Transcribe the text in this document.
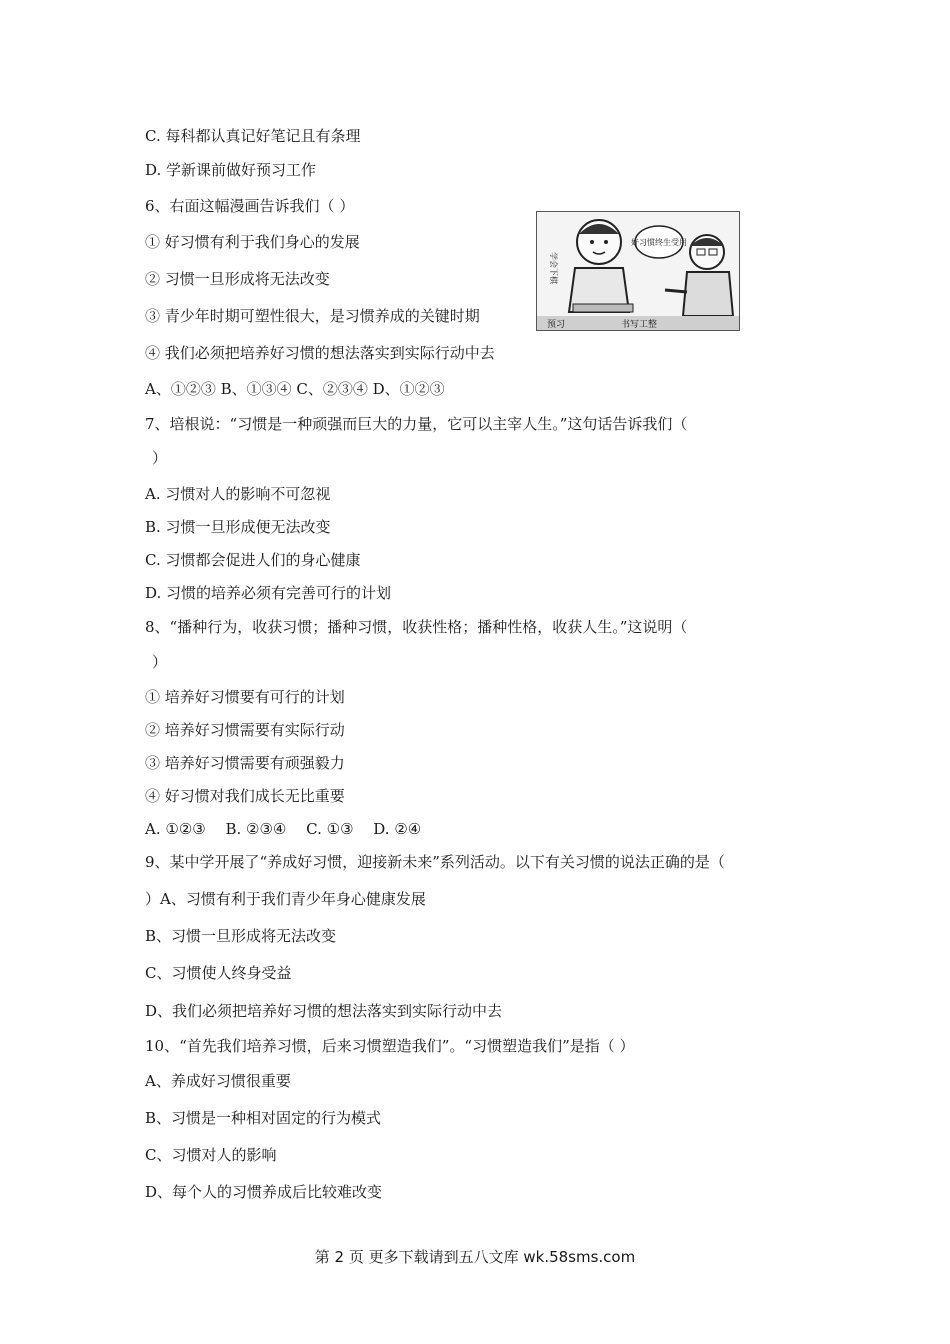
C. 每科都认真记好笔记且有条理
D. 学新课前做好预习工作
6、右面这幅漫画告诉我们（ ）
① 好习惯有利于我们身心的发展
② 习惯一旦形成将无法改变
③ 青少年时期可塑性很大，是习惯养成的关键时期
④ 我们必须把培养好习惯的想法落实到实际行动中去
A、①②③ B、①③④ C、②③④ D、①②③
7、培根说：“习惯是一种顽强而巨大的力量，它可以主宰人生。”这句话告诉我们（
）
A. 习惯对人的影响不可忽视
B. 习惯一旦形成便无法改变
C. 习惯都会促进人们的身心健康
D. 习惯的培养必须有完善可行的计划
8、“播种行为，收获习惯；播种习惯，收获性格；播种性格，收获人生。”这说明（
）
① 培养好习惯要有可行的计划
② 培养好习惯需要有实际行动
③ 培养好习惯需要有顽强毅力
④ 好习惯对我们成长无比重要
A. ①②③　 B. ②③④　 C. ①③　 D. ②④
9、某中学开展了“养成好习惯，迎接新未来”系列活动。以下有关习惯的说法正确的是（
）A、习惯有利于我们青少年身心健康发展
B、习惯一旦形成将无法改变
C、习惯使人终身受益
D、我们必须把培养好习惯的想法落实到实际行动中去
10、“首先我们培养习惯，后来习惯塑造我们”。“习惯塑造我们”是指（ ）
A、养成好习惯很重要
B、习惯是一种相对固定的行为模式
C、习惯对人的影响
D、每个人的习惯养成后比较难改变
学会下棋
好习惯终生受用
预习	书写工整
第 2 页 更多下载请到五八文库 wk.58sms.com
